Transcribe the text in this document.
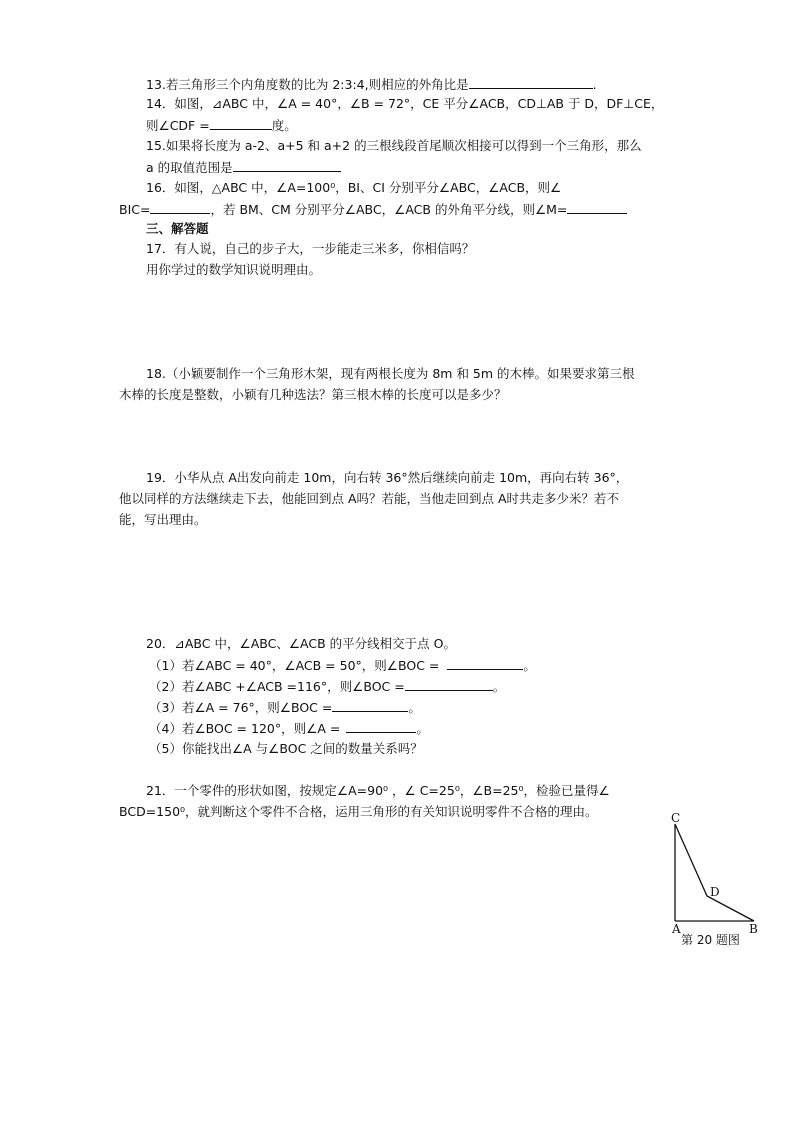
13.若三角形三个内角度数的比为 2:3:4,则相应的外角比是	.
14．如图，⊿ABC 中，∠A = 40°，∠B = 72°，CE 平分∠ACB，CD⊥AB 于 D，DF⊥CE，
则∠CDF =	度。
15.如果将长度为 a-2、a+5 和 a+2 的三根线段首尾顺次相接可以得到一个三角形，那么
a 的取值范围是
16．如图，△ABC 中，∠A=100⁰，BI、CI 分别平分∠ABC，∠ACB，则∠
BIC=	，若 BM、CM 分别平分∠ABC，∠ACB 的外角平分线，则∠M=
三、解答题
17．有人说，自己的步子大，一步能走三米多，你相信吗？
用你学过的数学知识说明理由。
18.（小颖要制作一个三角形木架，现有两根长度为 8m 和 5m 的木棒。如果要求第三根
木棒的长度是整数，小颖有几种选法？第三根木棒的长度可以是多少？
19．小华从点 A出发向前走 10m，向右转 36°然后继续向前走 10m，再向右转 36°，
他以同样的方法继续走下去，他能回到点 A吗？若能，当他走回到点 A时共走多少米？若不
能，写出理由。
20．⊿ABC 中，∠ABC、∠ACB 的平分线相交于点 O。
（1）若∠ABC = 40°，∠ACB = 50°，则∠BOC =	。
（2）若∠ABC +∠ACB =116°，则∠BOC =	。
（3）若∠A = 76°，则∠BOC =	。
（4）若∠BOC = 120°，则∠A =	。
（5）你能找出∠A 与∠BOC 之间的数量关系吗？
21．一个零件的形状如图，按规定∠A=90⁰ ，∠ C=25⁰，∠B=25⁰，检验已量得∠
BCD=150⁰，就判断这个零件不合格，运用三角形的有关知识说明零件不合格的理由。	C
D
A	B
第 20 题图
